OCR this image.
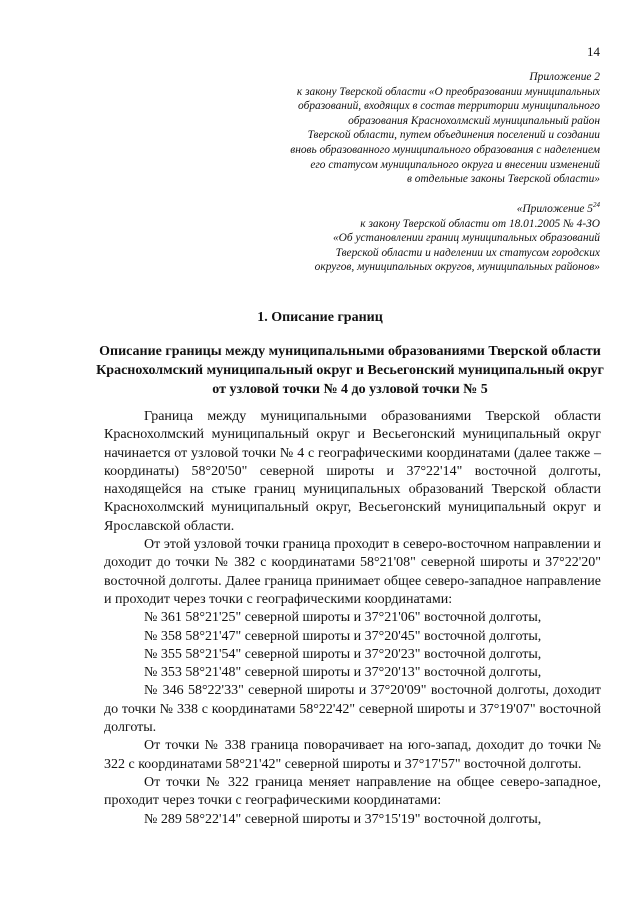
14
Приложение 2
к закону Тверской области «О преобразовании муниципальных
образований, входящих в состав территории муниципального
образования Краснохолмский муниципальный район
Тверской области, путем объединения поселений и создании
вновь образованного муниципального образования с наделением
его статусом муниципального округа и внесении изменений
в отдельные законы Тверской области»
«Приложение $5^{24}$
к закону Тверской области от 18.01.2005 № 4-ЗО
«Об установлении границ муниципальных образований
Тверской области и наделении их статусом городских
округов, муниципальных округов, муниципальных районов»
1. Описание границ
Описание границы между муниципальными образованиями Тверской области Краснохолмский муниципальный округ и Весьегонский муниципальный округ от узловой точки № 4 до узловой точки № 5

Граница между муниципальными образованиями Тверской области Краснохолмский муниципальный округ и Весьегонский муниципальный округ начинается от узловой точки № 4 с географическими координатами (далее также – координаты) 58°20'50" северной широты и 37°22'14" восточной долготы, находящейся на стыке границ муниципальных образований Тверской области Краснохолмский муниципальный округ, Весьегонский муниципальный округ и Ярославской области.

От этой узловой точки граница проходит в северо-восточном направлении и доходит до точки № 382 с координатами 58°21'08" северной широты и 37°22'20" восточной долготы. Далее граница принимает общее северо-западное направление и проходит через точки с географическими координатами:

№ 361 58°21'25" северной широты и 37°21'06" восточной долготы,

№ 358 58°21'47" северной широты и 37°20'45" восточной долготы,

№ 355 58°21'54" северной широты и 37°20'23" восточной долготы,

№ 353 58°21'48" северной широты и 37°20'13" восточной долготы,

№ 346 58°22'33" северной широты и 37°20'09" восточной долготы, доходит до точки № 338 с координатами 58°22'42" северной широты и 37°19'07" восточной долготы.

От точки № 338 граница поворачивает на юго-запад, доходит до точки № 322 с координатами 58°21'42" северной широты и 37°17'57" восточной долготы.

От точки № 322 граница меняет направление на общее северо-западное, проходит через точки с географическими координатами:

№ 289 58°22'14" северной широты и 37°15'19" восточной долготы,
